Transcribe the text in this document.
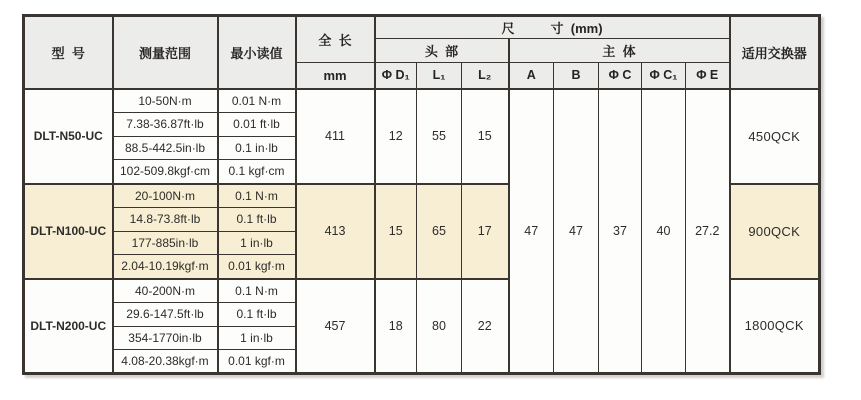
型  号	测量范围	最小读值	全  长	尺          寸  (mm)								适用交换器
				头  部			主  体					
			mm	Φ D₁	L₁	L₂	A	B	Φ C	Φ C₁	Φ E	
DLT-N50-UC	10-50N·m	0.01 N·m	411	12	55	15	47	47	37	40	27.2	450QCK
	7.38-36.87ft·lb	0.01 ft·lb										
	88.5-442.5in·lb	0.1 in·lb										
	102-509.8kgf·cm	0.1 kgf·cm										
DLT-N100-UC	20-100N·m	0.1 N·m	413	15	65	17						900QCK
	14.8-73.8ft·lb	0.1 ft·lb										
	177-885in·lb	1 in·lb										
	2.04-10.19kgf·m	0.01 kgf·m										
DLT-N200-UC	40-200N·m	0.1 N·m	457	18	80	22						1800QCK
	29.6-147.5ft·lb	0.1 ft·lb										
	354-1770in·lb	1 in·lb										
	4.08-20.38kgf·m	0.01 kgf·m										
